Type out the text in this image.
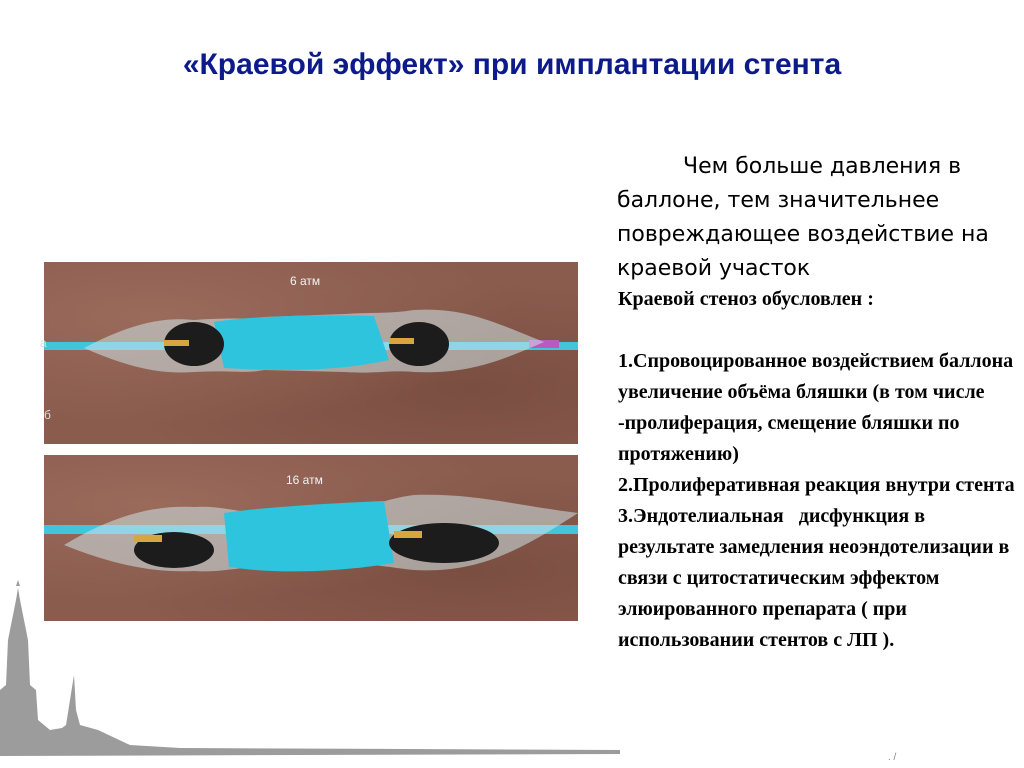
«Краевой эффект» при имплантации стента
6 атм
a
б
16 атм
Чем больше давления в баллоне, тем значительнее повреждающее воздействие на краевой участок
Краевой стеноз обусловлен :

1.Спровоцированное воздействием баллона увеличение объёма бляшки (в том числе -пролиферация, смещение бляшки по протяжению)

2.Пролиферативная реакция внутри стента

3.Эндотелиальная   дисфункция в результате замедления неоэндотелизации в связи с цитостатическим эффектом элюированного препарата ( при использовании стентов с ЛП ).

. /
